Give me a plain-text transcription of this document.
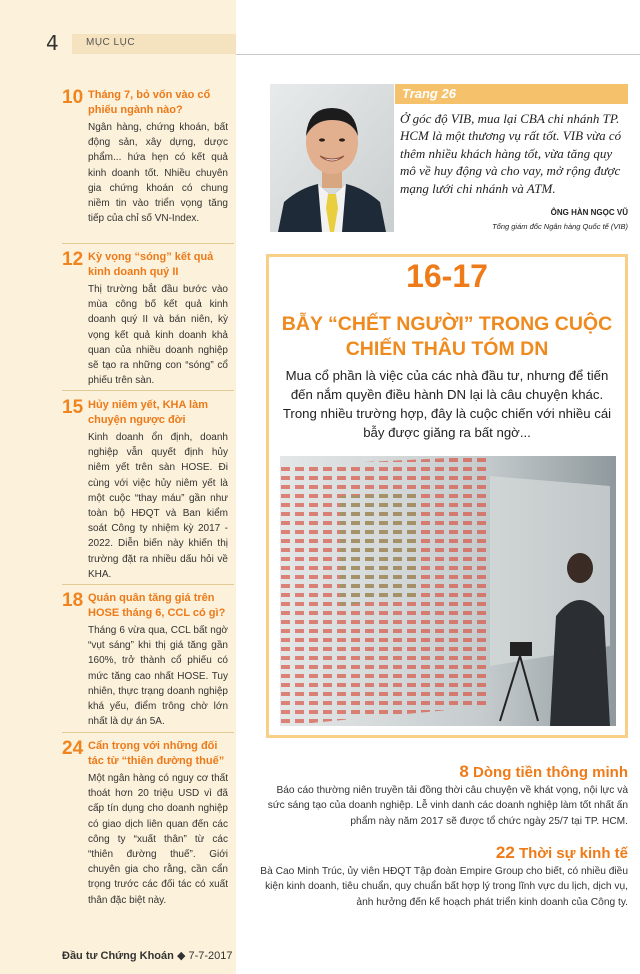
4	MỤC LỤC
10 Tháng 7, bỏ vốn vào cổ phiếu ngành nào?
Ngân hàng, chứng khoán, bất động sản, xây dựng, dược phẩm... hứa hẹn có kết quả kinh doanh tốt. Nhiều chuyên gia chứng khoán có chung niềm tin vào triển vọng tăng tiếp của chỉ số VN-Index.
12 Kỳ vọng “sóng” kết quả kinh doanh quý II
Thị trường bắt đầu bước vào mùa công bố kết quả kinh doanh quý II và bán niên, kỳ vọng kết quả kinh doanh khả quan của nhiều doanh nghiệp sẽ tạo ra những con “sóng” cổ phiếu trên sàn.
15 Hủy niêm yết, KHA làm chuyện ngược đời
Kinh doanh ổn định, doanh nghiệp vẫn quyết định hủy niêm yết trên sàn HOSE. Đi cùng với việc hủy niêm yết là một cuộc “thay máu” gần như toàn bộ HĐQT và Ban kiểm soát Công ty nhiệm kỳ 2017 - 2022. Diễn biến này khiến thị trường đặt ra nhiều dấu hỏi về KHA.
18 Quán quân tăng giá trên HOSE tháng 6, CCL có gì?
Tháng 6 vừa qua, CCL bất ngờ “vụt sáng” khi thị giá tăng gần 160%, trở thành cổ phiếu có mức tăng cao nhất HOSE. Tuy nhiên, thực trạng doanh nghiệp khá yếu, điểm trông chờ lớn nhất là dự án 5A.
24 Cẩn trọng với những đối tác từ “thiên đường thuế”
Một ngân hàng có nguy cơ thất thoát hơn 20 triệu USD vì đã cấp tín dụng cho doanh nghiệp có giao dịch liên quan đến các công ty “xuất thân” từ các “thiên đường thuế”. Giới chuyên gia cho rằng, cần cẩn trọng trước các đối tác có xuất thân đặc biệt này.
Đầu tư Chứng Khoán ◆ 7-7-2017
Trang 26
Ở góc độ VIB, mua lại CBA chi nhánh TP. HCM là một thương vụ rất tốt. VIB vừa có thêm nhiều khách hàng tốt, vừa tăng quy mô về huy động và cho vay, mở rộng được mạng lưới chi nhánh và ATM.
ÔNG HÀN NGỌC VŨ
Tổng giám đốc Ngân hàng Quốc tế (VIB)
16-17
BẪY “CHẾT NGƯỜI” TRONG CUỘC CHIẾN THÂU TÓM DN
Mua cổ phần là việc của các nhà đầu tư, nhưng để tiến đến nắm quyền điều hành DN lại là câu chuyện khác. Trong nhiều trường hợp, đây là cuộc chiến với nhiều cái bẫy được giăng ra bất ngờ...
8 Dòng tiền thông minh
Báo cáo thường niên truyền tải đồng thời câu chuyện về khát vọng, nội lực và sức sáng tạo của doanh nghiệp. Lễ vinh danh các doanh nghiệp làm tốt nhất ấn phẩm này năm 2017 sẽ được tổ chức ngày 25/7 tại TP. HCM.
22 Thời sự kinh tế
Bà Cao Minh Trúc, ủy viên HĐQT Tập đoàn Empire Group cho biết, có nhiều điều kiện kinh doanh, tiêu chuẩn, quy chuẩn bất hợp lý trong lĩnh vực du lịch, dịch vụ, ảnh hưởng đến kế hoạch phát triển kinh doanh của Công ty.
